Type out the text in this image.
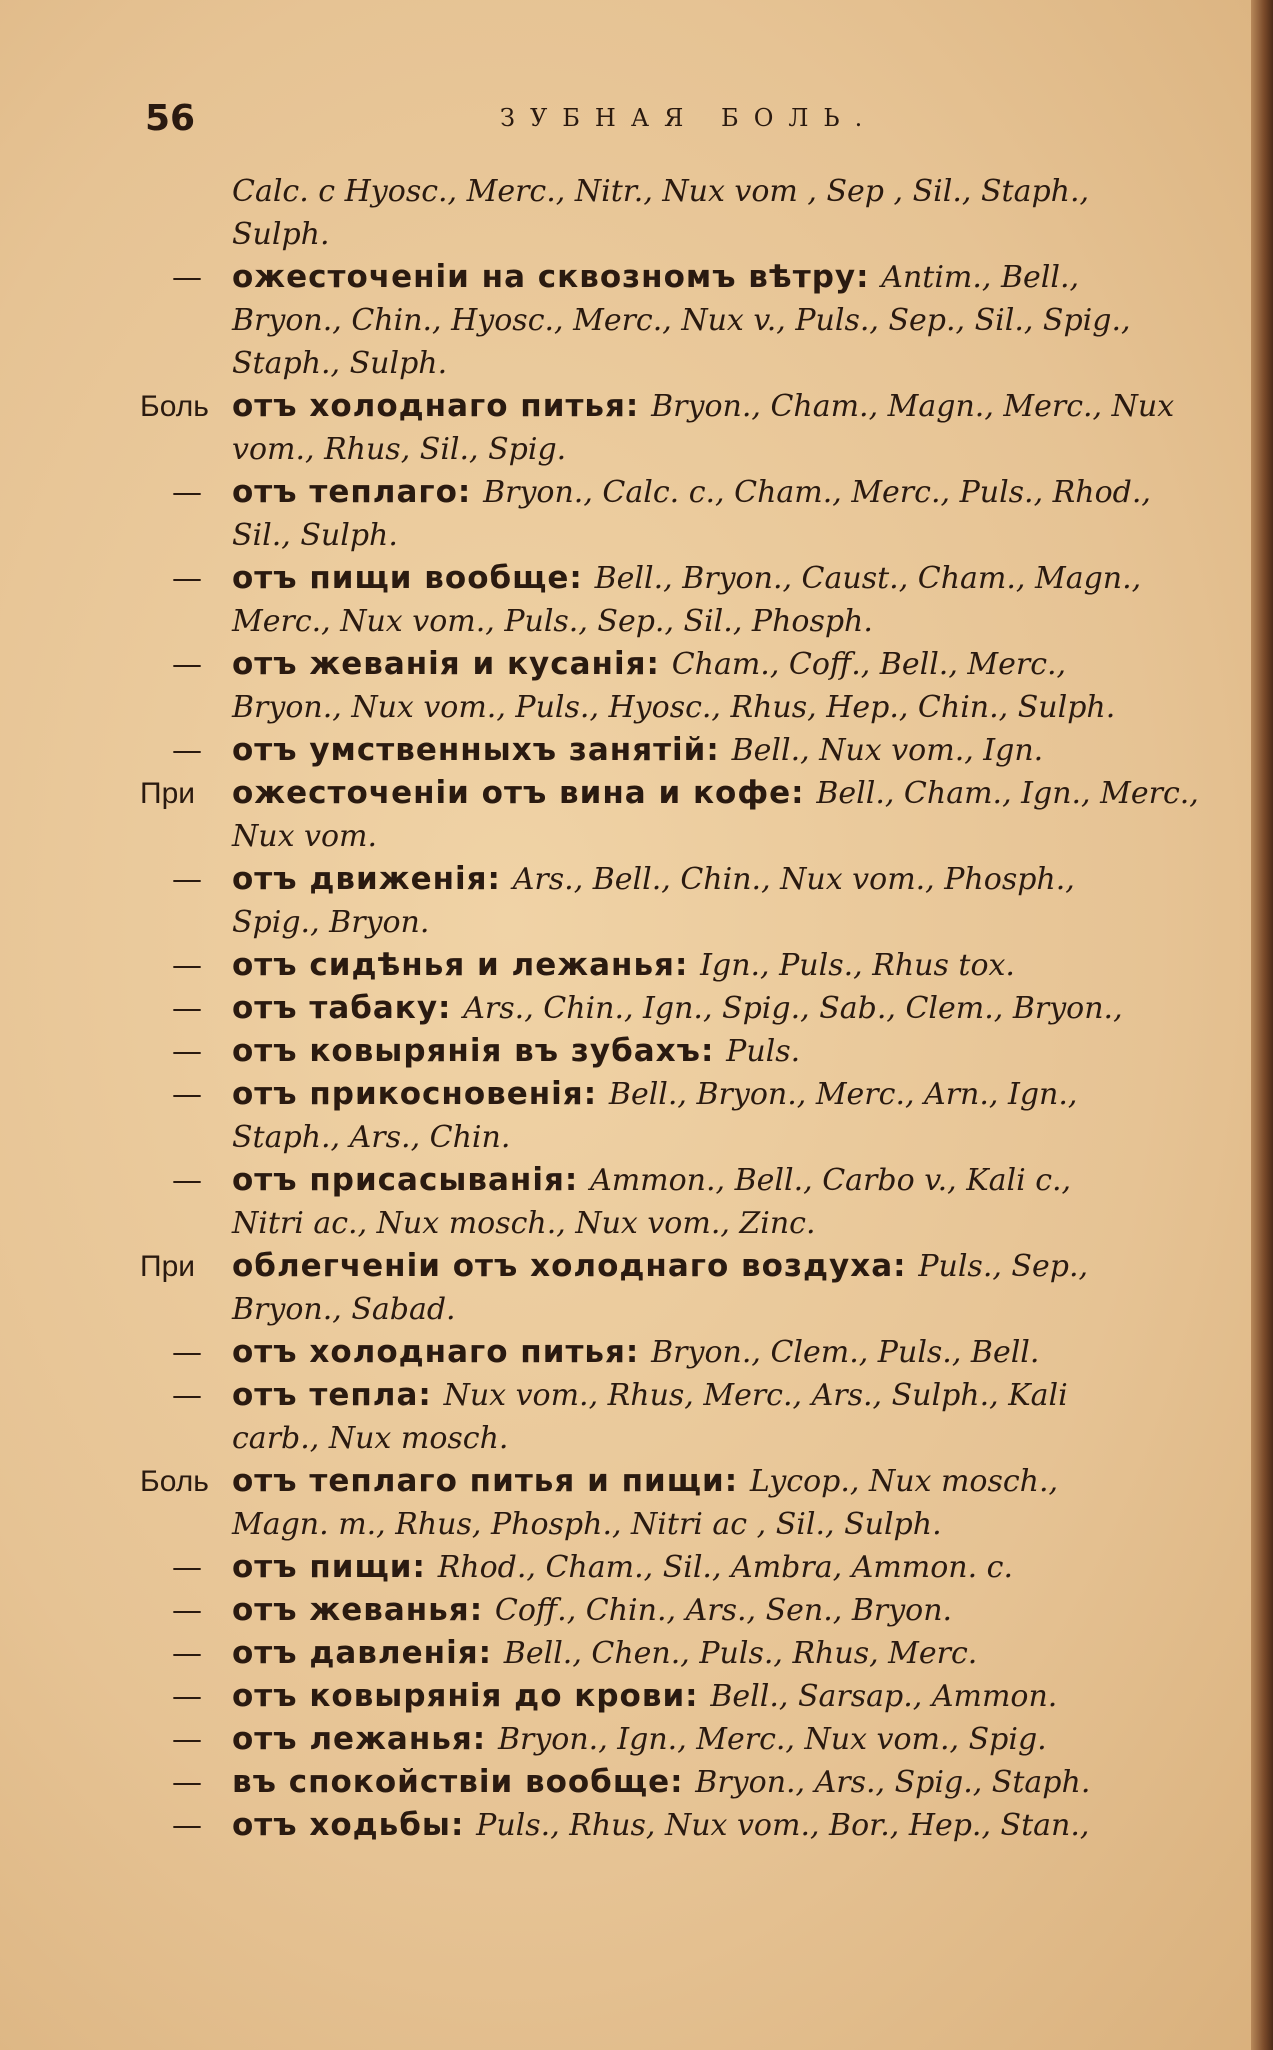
56	ЗУБНАЯ БОЛЬ.
Calc. c Hyosc., Merc., Nitr., Nux vom , Sep , Sil., Staph.,
Sulph.
— ожесточеніи на сквозномъ вѣтру: Antim., Bell.,
Bryon., Chin., Hyosc., Merc., Nux v., Puls., Sep., Sil., Spig.,
Staph., Sulph.
Боль отъ холоднаго питья: Bryon., Cham., Magn., Merc., Nux
vom., Rhus, Sil., Spig.
— отъ теплаго: Bryon., Calc. c., Cham., Merc., Puls., Rhod.,
Sil., Sulph.
— отъ пищи вообще: Bell., Bryon., Caust., Cham., Magn.,
Merc., Nux vom., Puls., Sep., Sil., Phosph.
— отъ жеванія и кусанія: Cham., Coff., Bell., Merc.,
Bryon., Nux vom., Puls., Hyosc., Rhus, Hep., Chin., Sulph.
— отъ умственныхъ занятій: Bell., Nux vom., Ign.
При ожесточеніи отъ вина и кофе: Bell., Cham., Ign., Merc.,
Nux vom.
— отъ движенія: Ars., Bell., Chin., Nux vom., Phosph.,
Spig., Bryon.
— отъ сидѣнья и лежанья: Ign., Puls., Rhus tox.
— отъ табаку: Ars., Chin., Ign., Spig., Sab., Clem., Bryon.,
— отъ ковырянія въ зубахъ: Puls.
— отъ прикосновенія: Bell., Bryon., Merc., Arn., Ign.,
Staph., Ars., Chin.
— отъ присасыванія: Ammon., Bell., Carbo v., Kali c.,
Nitri ac., Nux mosch., Nux vom., Zinc.
При облегченіи отъ холоднаго воздуха: Puls., Sep.,
Bryon., Sabad.
— отъ холоднаго питья: Bryon., Clem., Puls., Bell.
— отъ тепла: Nux vom., Rhus, Merc., Ars., Sulph., Kali
carb., Nux mosch.
Боль отъ теплаго питья и пищи: Lycop., Nux mosch.,
Magn. m., Rhus, Phosph., Nitri ac , Sil., Sulph.
— отъ пищи: Rhod., Cham., Sil., Ambra, Ammon. c.
— отъ жеванья: Coff., Chin., Ars., Sen., Bryon.
— отъ давленія: Bell., Chen., Puls., Rhus, Merc.
— отъ ковырянія до крови: Bell., Sarsap., Ammon.
— отъ лежанья: Bryon., Ign., Merc., Nux vom., Spig.
— въ спокойствіи вообще: Bryon., Ars., Spig., Staph.
— отъ ходьбы: Puls., Rhus, Nux vom., Bor., Hep., Stan.,
